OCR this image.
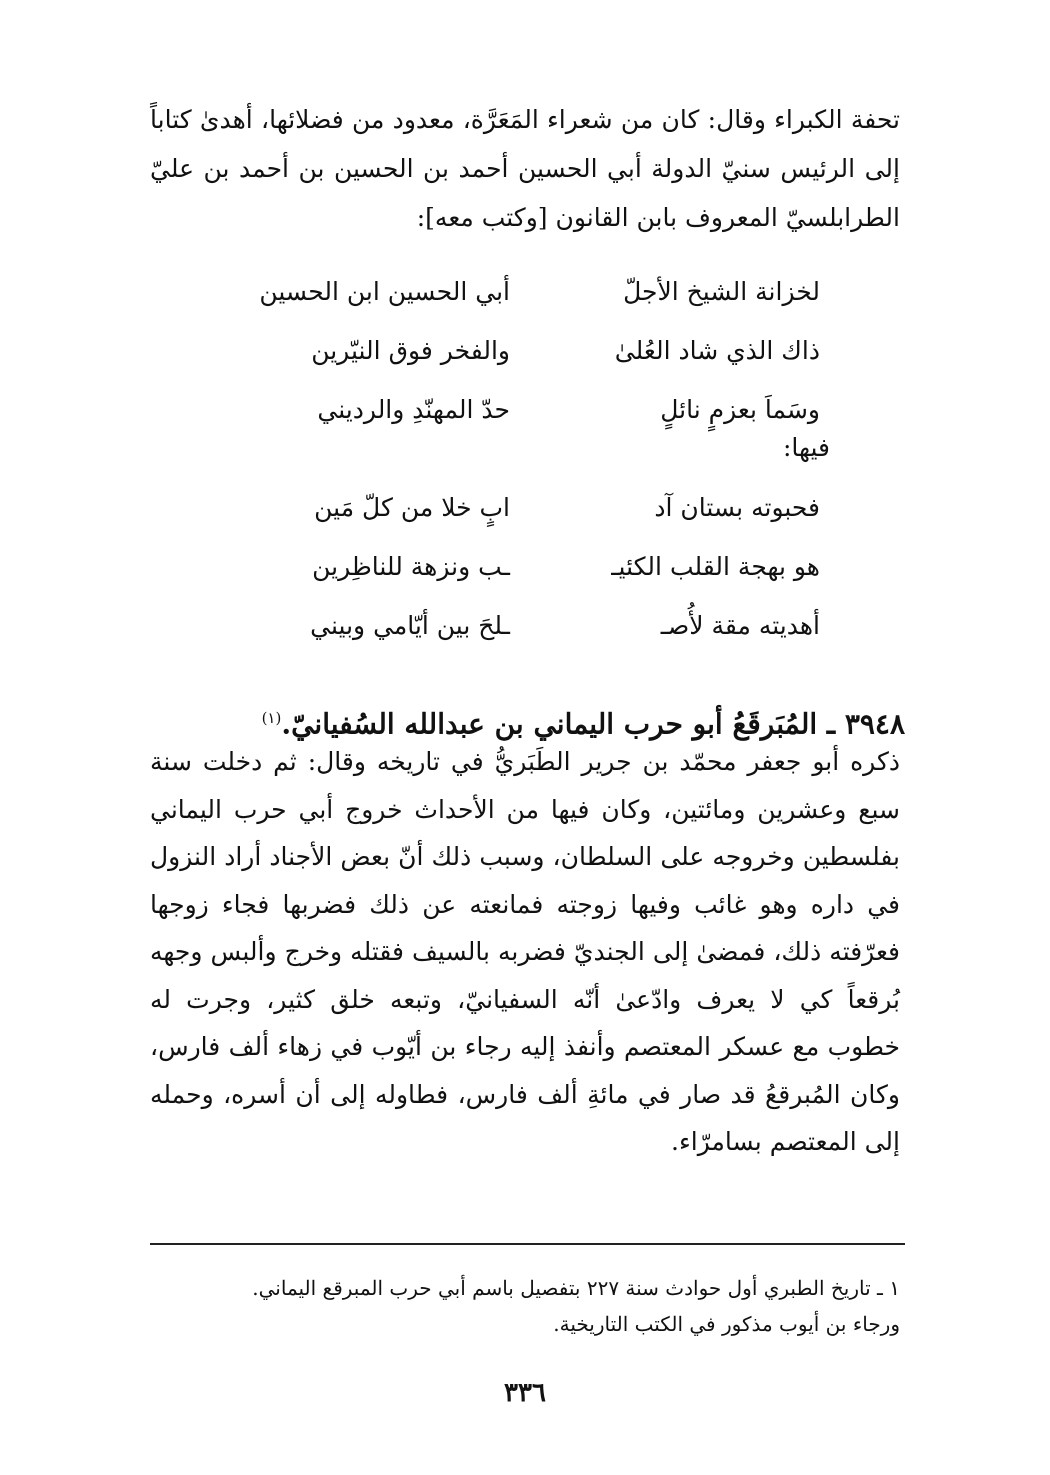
تحفة الكبراء وقال: كان من شعراء المَعَرَّة، معدود من فضلائها، أهدىٰ كتاباً إلى الرئيس سنيّ الدولة أبي الحسين أحمد بن الحسين بن أحمد بن عليّ الطرابلسيّ المعروف بابن القانون [وكتب معه]:
لخزانة الشيخ الأجلّ
أبي الحسين ابن الحسين
ذاك الذي شاد العُلىٰ
والفخر فوق النيّرين
وسَماَ بعزمٍ نائلٍ
حدّ المهنّدِ والرديني
فيها:
فحبوته بستان آد
ابٍ خلا من كلّ مَين
هو بهجة القلب الكئيـ
ـب ونزهة للناظِرين
أهديته مقة لأُصـ
ـلحَ بين أيّامي وبيني
٣٩٤٨ ـ المُبَرقَعُ أبو حرب اليماني بن عبدالله السُفيانيّ.$^{(١)}$
ذكره أبو جعفر محمّد بن جرير الطَبَريُّ في تاريخه وقال: ثم دخلت سنة سبع وعشرين ومائتين، وكان فيها من الأحداث خروج أبي حرب اليماني بفلسطين وخروجه على السلطان، وسبب ذلك أنّ بعض الأجناد أراد النزول في داره وهو غائب وفيها زوجته فمانعته عن ذلك فضربها فجاء زوجها فعرّفته ذلك، فمضىٰ إلى الجنديّ فضربه بالسيف فقتله وخرج وألبس وجهه بُرقعاً كي لا يعرف وادّعىٰ أنّه السفيانيّ، وتبعه خلق كثير، وجرت له خطوب مع عسكر المعتصم وأنفذ إليه رجاء بن أيّوب في زهاء ألف فارس، وكان المُبرقعُ قد صار في مائةِ ألف فارس، فطاوله إلى أن أسره، وحمله إلى المعتصم بسامرّاء.
١ ـ تاريخ الطبري أول حوادث سنة ٢٢٧ بتفصيل باسم أبي حرب المبرقع اليماني.
ورجاء بن أيوب مذكور في الكتب التاريخية.
٣٣٦
